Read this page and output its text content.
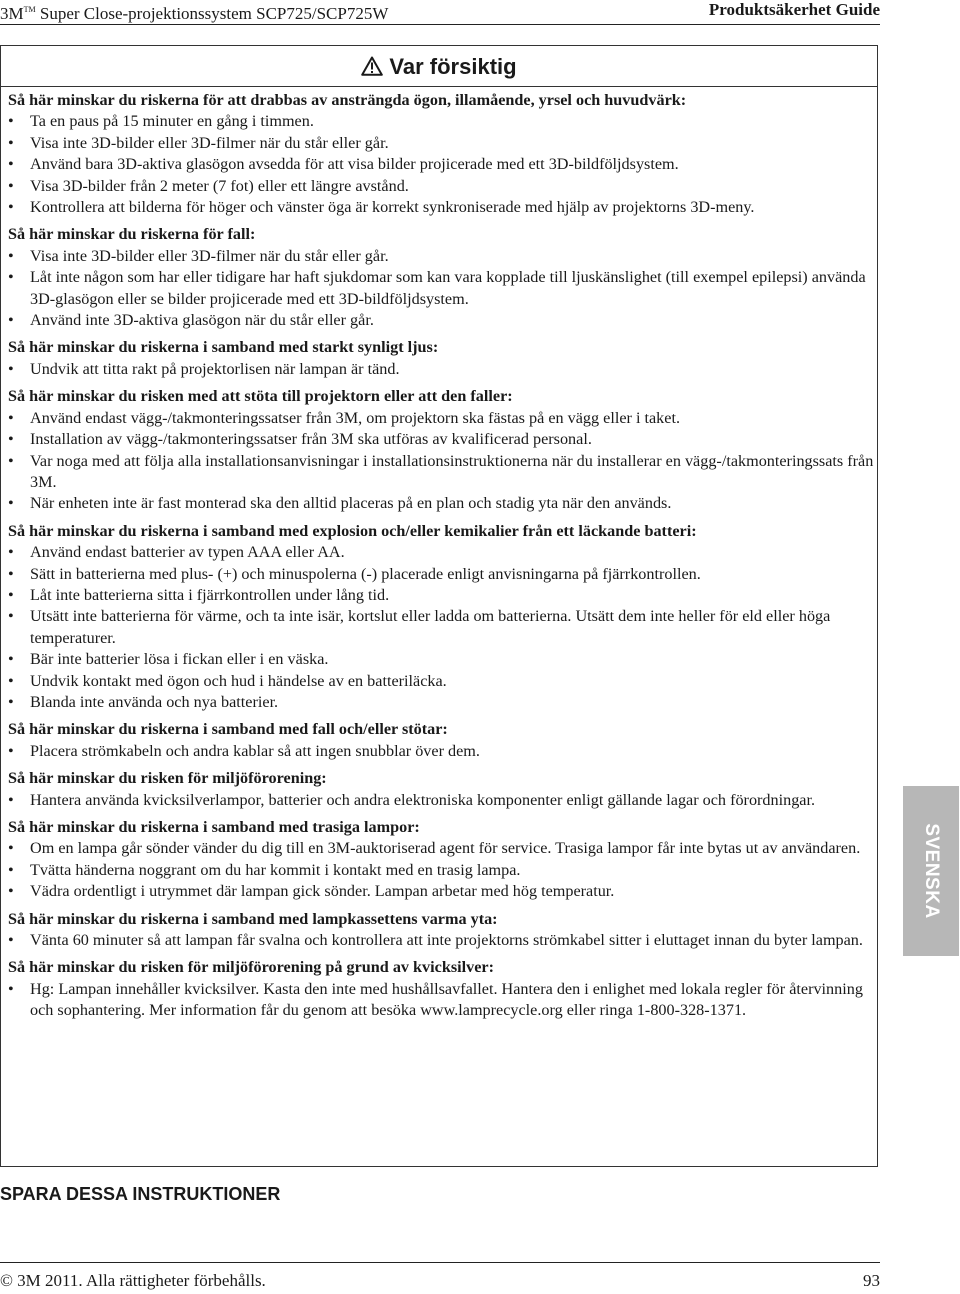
3M™ Super Close-projektionssystem SCP725/SCP725W	Produktsäkerhet Guide
Var försiktig
Så här minskar du riskerna för att drabbas av ansträngda ögon, illamående, yrsel och huvudvärk:
• Ta en paus på 15 minuter en gång i timmen.
• Visa inte 3D-bilder eller 3D-filmer när du står eller går.
• Använd bara 3D-aktiva glasögon avsedda för att visa bilder projicerade med ett 3D-bildföljdsystem.
• Visa 3D-bilder från 2 meter (7 fot) eller ett längre avstånd.
• Kontrollera att bilderna för höger och vänster öga är korrekt synkroniserade med hjälp av projektorns 3D-meny.
Så här minskar du riskerna för fall:
• Visa inte 3D-bilder eller 3D-filmer när du står eller går.
• Låt inte någon som har eller tidigare har haft sjukdomar som kan vara kopplade till ljuskänslighet (till exempel epilepsi) använda 3D-glasögon eller se bilder projicerade med ett 3D-bildföljdsystem.
• Använd inte 3D-aktiva glasögon när du står eller går.
Så här minskar du riskerna i samband med starkt synligt ljus:
• Undvik att titta rakt på projektorlisen när lampan är tänd.
Så här minskar du risken med att stöta till projektorn eller att den faller:
• Använd endast vägg-/takmonteringssatser från 3M, om projektorn ska fästas på en vägg eller i taket.
• Installation av vägg-/takmonteringssatser från 3M ska utföras av kvalificerad personal.
• Var noga med att följa alla installationsanvisningar i installationsinstruktionerna när du installerar en vägg-/takmonteringssats från 3M.
• När enheten inte är fast monterad ska den alltid placeras på en plan och stadig yta när den används.
Så här minskar du riskerna i samband med explosion och/eller kemikalier från ett läckande batteri:
• Använd endast batterier av typen AAA eller AA.
• Sätt in batterierna med plus- (+) och minuspolerna (-) placerade enligt anvisningarna på fjärrkontrollen.
• Låt inte batterierna sitta i fjärrkontrollen under lång tid.
• Utsätt inte batterierna för värme, och ta inte isär, kortslut eller ladda om batterierna. Utsätt dem inte heller för eld eller höga temperaturer.
• Bär inte batterier lösa i fickan eller i en väska.
• Undvik kontakt med ögon och hud i händelse av en batteriläcka.
• Blanda inte använda och nya batterier.
Så här minskar du riskerna i samband med fall och/eller stötar:
• Placera strömkabeln och andra kablar så att ingen snubblar över dem.
Så här minskar du risken för miljöförorening:
• Hantera använda kvicksilverlampor, batterier och andra elektroniska komponenter enligt gällande lagar och förordningar.
Så här minskar du riskerna i samband med trasiga lampor:
• Om en lampa går sönder vänder du dig till en 3M-auktoriserad agent för service. Trasiga lampor får inte bytas ut av användaren.
• Tvätta händerna noggrant om du har kommit i kontakt med en trasig lampa.
• Vädra ordentligt i utrymmet där lampan gick sönder. Lampan arbetar med hög temperatur.
Så här minskar du riskerna i samband med lampkassettens varma yta:
• Vänta 60 minuter så att lampan får svalna och kontrollera att inte projektorns strömkabel sitter i eluttaget innan du byter lampan.
Så här minskar du risken för miljöförorening på grund av kvicksilver:
• Hg: Lampan innehåller kvicksilver. Kasta den inte med hushållsavfallet. Hantera den i enlighet med lokala regler för återvinning och sophantering. Mer information får du genom att besöka www.lamprecycle.org eller ringa 1-800-328-1371.
SPARA DESSA INSTRUKTIONER
SVENSKA
© 3M 2011. Alla rättigheter förbehålls.	93
